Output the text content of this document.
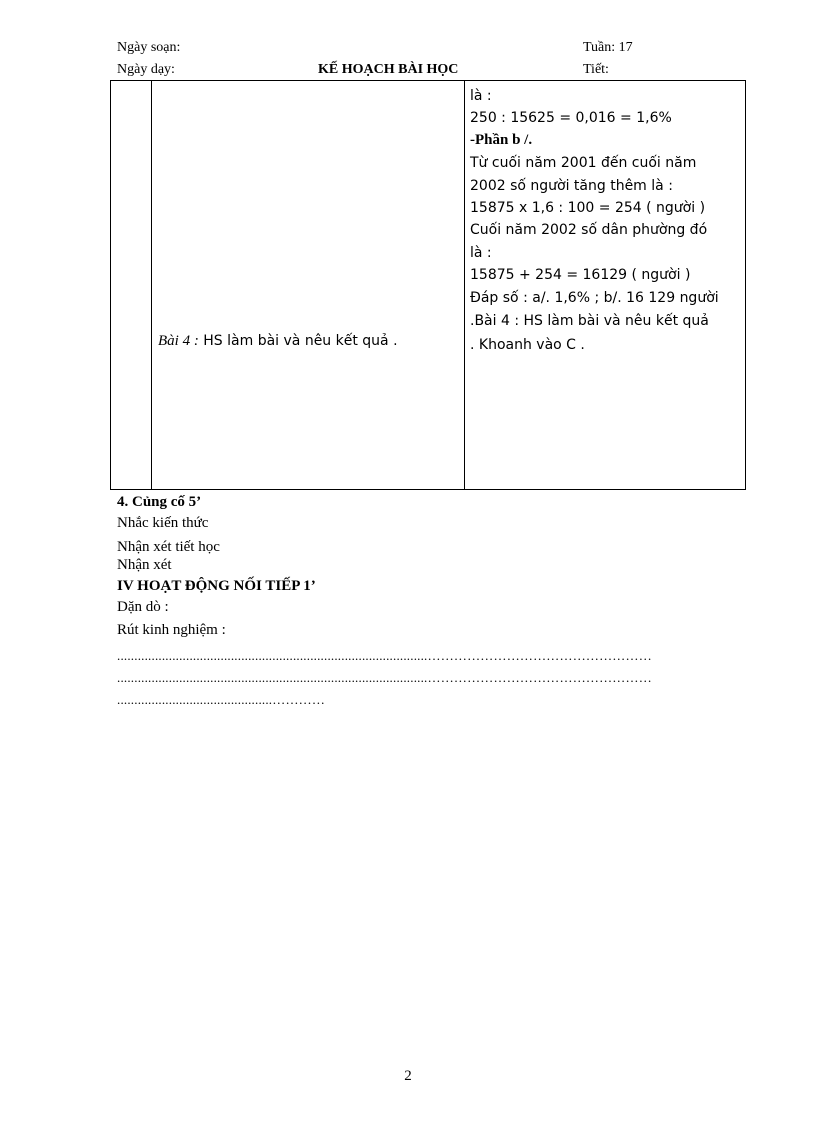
Ngày soạn:
Ngày dạy:	KẾ HOẠCH BÀI HỌC
Tuần: 17
Tiết:
Bài 4 : HS làm bài và nêu kết quả .
là :
250 : 15625 = 0,016 = 1,6%
-Phần b /.
Từ cuối năm 2001 đến cuối năm
2002 số người tăng thêm là :
15875 x 1,6 : 100 = 254 ( người )
Cuối năm 2002 số dân phường đó
là :
15875 + 254 = 16129 ( người )
Đáp số : a/. 1,6% ; b/. 16 129 người
.Bài 4 : HS làm bài và nêu kết quả
. Khoanh vào C .
4. Củng cố 5’
Nhắc kiến thức
Nhận xét tiết học
Nhận xét
IV HOẠT ĐỘNG NỐI TIẾP 1’
Dặn dò :
Rút kinh nghiệm :
..........................................................................................……………………………………………
..........................................................................................……………………………………………
.............................................…………
2
